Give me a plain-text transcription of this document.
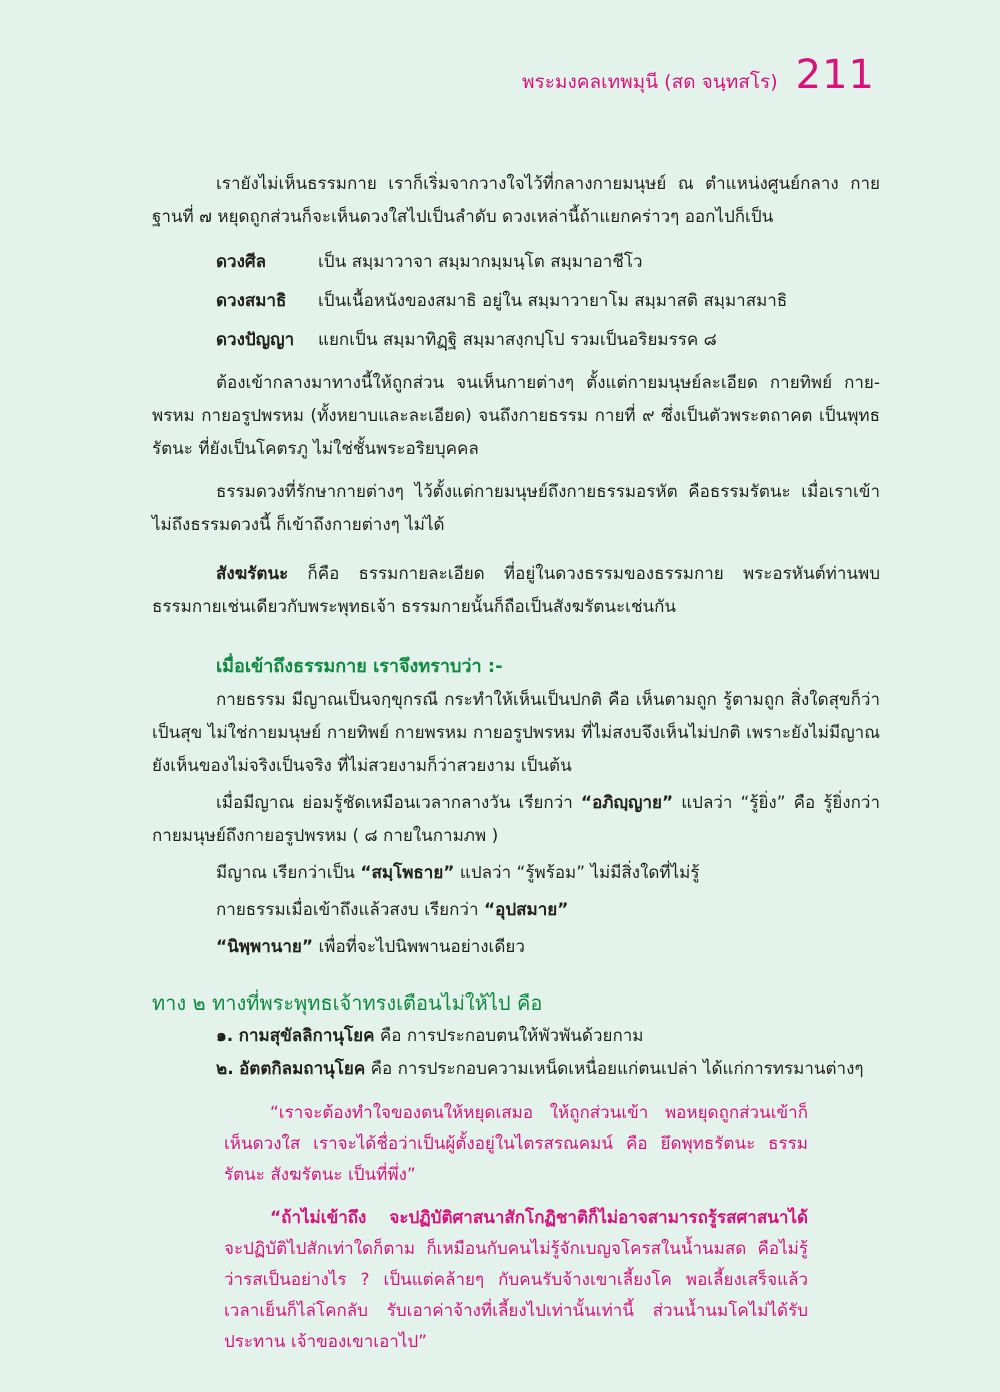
พระมงคลเทพมุนี (สด จนฺทสโร) 211

เรายังไม่เห็นธรรมกาย เราก็เริ่มจากวางใจไว้ที่กลางกายมนุษย์ ณ ตำแหน่งศูนย์กลาง กายฐานที่ ๗ หยุดถูกส่วนก็จะเห็นดวงใสไปเป็นลำดับ ดวงเหล่านี้ถ้าแยกคร่าวๆ ออกไปก็เป็น

ดวงศีล	เป็น สมฺมาวาจา สมฺมากมฺมนฺโต สมฺมาอาชีโว
ดวงสมาธิ	เป็นเนื้อหนังของสมาธิ อยู่ใน สมฺมาวายาโม สมฺมาสติ สมฺมาสมาธิ
ดวงปัญญา	แยกเป็น สมฺมาทิฏฺฐิ สมฺมาสงฺกปฺโป รวมเป็นอริยมรรค ๘

ต้องเข้ากลางมาทางนี้ให้ถูกส่วน จนเห็นกายต่างๆ ตั้งแต่กายมนุษย์ละเอียด กายทิพย์ กาย-พรหม กายอรูปพรหม (ทั้งหยาบและละเอียด) จนถึงกายธรรม กายที่ ๙ ซึ่งเป็นตัวพระตถาคต เป็นพุทธรัตนะ ที่ยังเป็นโคตรภู ไม่ใช่ชั้นพระอริยบุคคล

ธรรมดวงที่รักษากายต่างๆ ไว้ตั้งแต่กายมนุษย์ถึงกายธรรมอรหัต คือธรรมรัตนะ เมื่อเราเข้าไม่ถึงธรรมดวงนี้ ก็เข้าถึงกายต่างๆ ไม่ได้

สังฆรัตนะ ก็คือ ธรรมกายละเอียด ที่อยู่ในดวงธรรมของธรรมกาย พระอรหันต์ท่านพบ ธรรมกายเช่นเดียวกับพระพุทธเจ้า ธรรมกายนั้นก็ถือเป็นสังฆรัตนะเช่นกัน

เมื่อเข้าถึงธรรมกาย เราจึงทราบว่า :-

กายธรรม มีญาณเป็นจกฺขุกรณี กระทำให้เห็นเป็นปกติ คือ เห็นตามถูก รู้ตามถูก สิ่งใดสุขก็ว่าเป็นสุข ไม่ใช่กายมนุษย์ กายทิพย์ กายพรหม กายอรูปพรหม ที่ไม่สงบจึงเห็นไม่ปกติ เพราะยังไม่มีญาณ ยังเห็นของไม่จริงเป็นจริง ที่ไม่สวยงามก็ว่าสวยงาม เป็นต้น

เมื่อมีญาณ ย่อมรู้ชัดเหมือนเวลากลางวัน เรียกว่า “อภิญฺญาย” แปลว่า “รู้ยิ่ง” คือ รู้ยิ่งกว่ากายมนุษย์ถึงกายอรูปพรหม ( ๘ กายในกามภพ )

มีญาณ เรียกว่าเป็น “สมฺโพธาย” แปลว่า “รู้พร้อม” ไม่มีสิ่งใดที่ไม่รู้

กายธรรมเมื่อเข้าถึงแล้วสงบ เรียกว่า “อุปสมาย”

“นิพฺพานาย” เพื่อที่จะไปนิพพานอย่างเดียว

ทาง ๒ ทางที่พระพุทธเจ้าทรงเตือนไม่ให้ไป คือ
๑. กามสุขัลลิกานุโยค คือ การประกอบตนให้พัวพันด้วยกาม
๒. อัตตกิลมถานุโยค คือ การประกอบความเหน็ดเหนื่อยแก่ตนเปล่า ได้แก่การทรมานต่างๆ
“เราจะต้องทำใจของตนให้หยุดเสมอ ให้ถูกส่วนเข้า พอหยุดถูกส่วนเข้าก็เห็นดวงใส เราจะได้ชื่อว่าเป็นผู้ตั้งอยู่ในไตรสรณคมน์ คือ ยึดพุทธรัตนะ ธรรมรัตนะ สังฆรัตนะ เป็นที่พึ่ง”
“ถ้าไม่เข้าถึง จะปฏิบัติศาสนาสักโกฏิชาติก็ไม่อาจสามารถรู้รสศาสนาได้ จะปฏิบัติไปสักเท่าใดก็ตาม ก็เหมือนกับคนไม่รู้จักเบญจโครสในน้ำนมสด คือไม่รู้ว่ารสเป็นอย่างไร ? เป็นแต่คล้ายๆ กับคนรับจ้างเขาเลี้ยงโค พอเลี้ยงเสร็จแล้ว เวลาเย็นก็ไล่โคกลับ รับเอาค่าจ้างที่เลี้ยงไปเท่านั้นเท่านี้ ส่วนน้ำนมโคไม่ได้รับประทาน เจ้าของเขาเอาไป”
